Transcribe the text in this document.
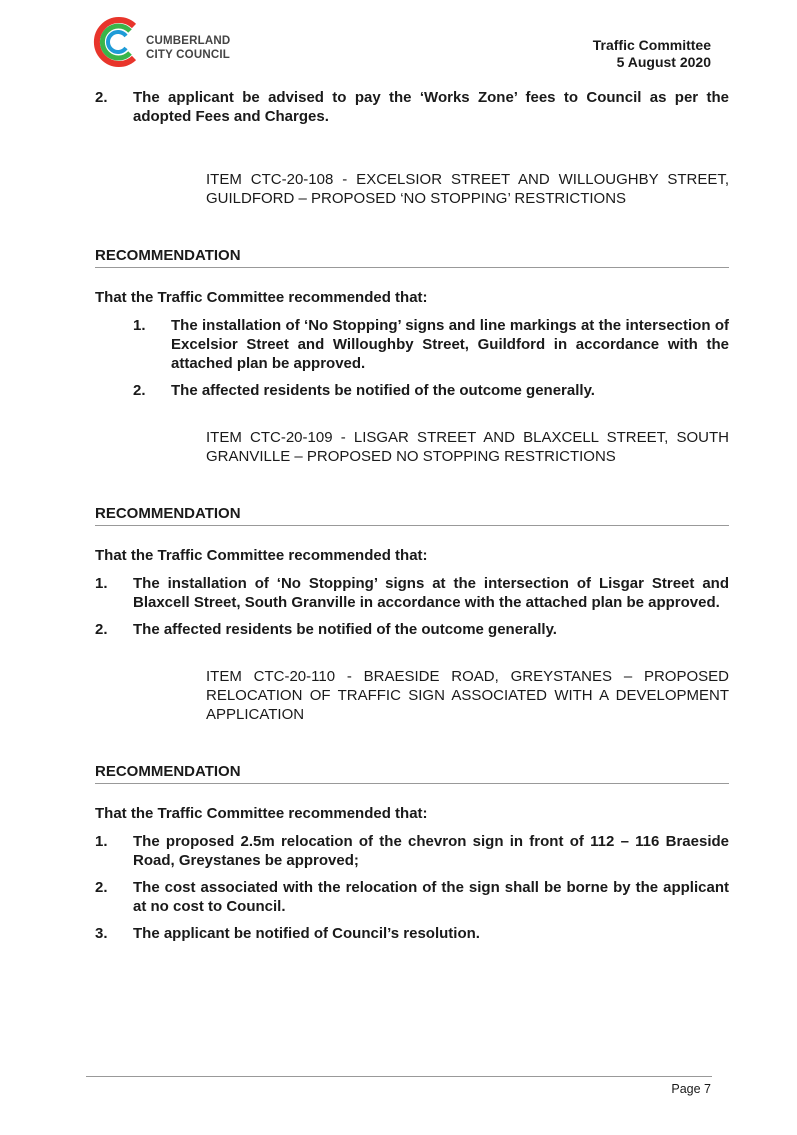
CUMBERLAND
CITY COUNCIL
Traffic Committee
5 August 2020
2.	The applicant be advised to pay the ‘Works Zone’ fees to Council as per the adopted Fees and Charges.
ITEM CTC-20-108 - EXCELSIOR STREET AND WILLOUGHBY STREET, GUILDFORD – PROPOSED ‘NO STOPPING’ RESTRICTIONS
RECOMMENDATION
That the Traffic Committee recommended that:
1.	The installation of ‘No Stopping’ signs and line markings at the intersection of Excelsior Street and Willoughby Street, Guildford in accordance with the attached plan be approved.
2.	The affected residents be notified of the outcome generally.
ITEM CTC-20-109 - LISGAR STREET AND BLAXCELL STREET, SOUTH GRANVILLE – PROPOSED NO STOPPING RESTRICTIONS
RECOMMENDATION
That the Traffic Committee recommended that:
1.	The installation of ‘No Stopping’ signs at the intersection of Lisgar Street and Blaxcell Street, South Granville in accordance with the attached plan be approved.
2.	The affected residents be notified of the outcome generally.
ITEM CTC-20-110 - BRAESIDE ROAD, GREYSTANES – PROPOSED RELOCATION OF TRAFFIC SIGN ASSOCIATED WITH A DEVELOPMENT APPLICATION
RECOMMENDATION
That the Traffic Committee recommended that:
1.	The proposed 2.5m relocation of the chevron sign in front of 112 – 116 Braeside Road, Greystanes be approved;
2.	The cost associated with the relocation of the sign shall be borne by the applicant at no cost to Council.
3.	The applicant be notified of Council’s resolution.
Page 7
